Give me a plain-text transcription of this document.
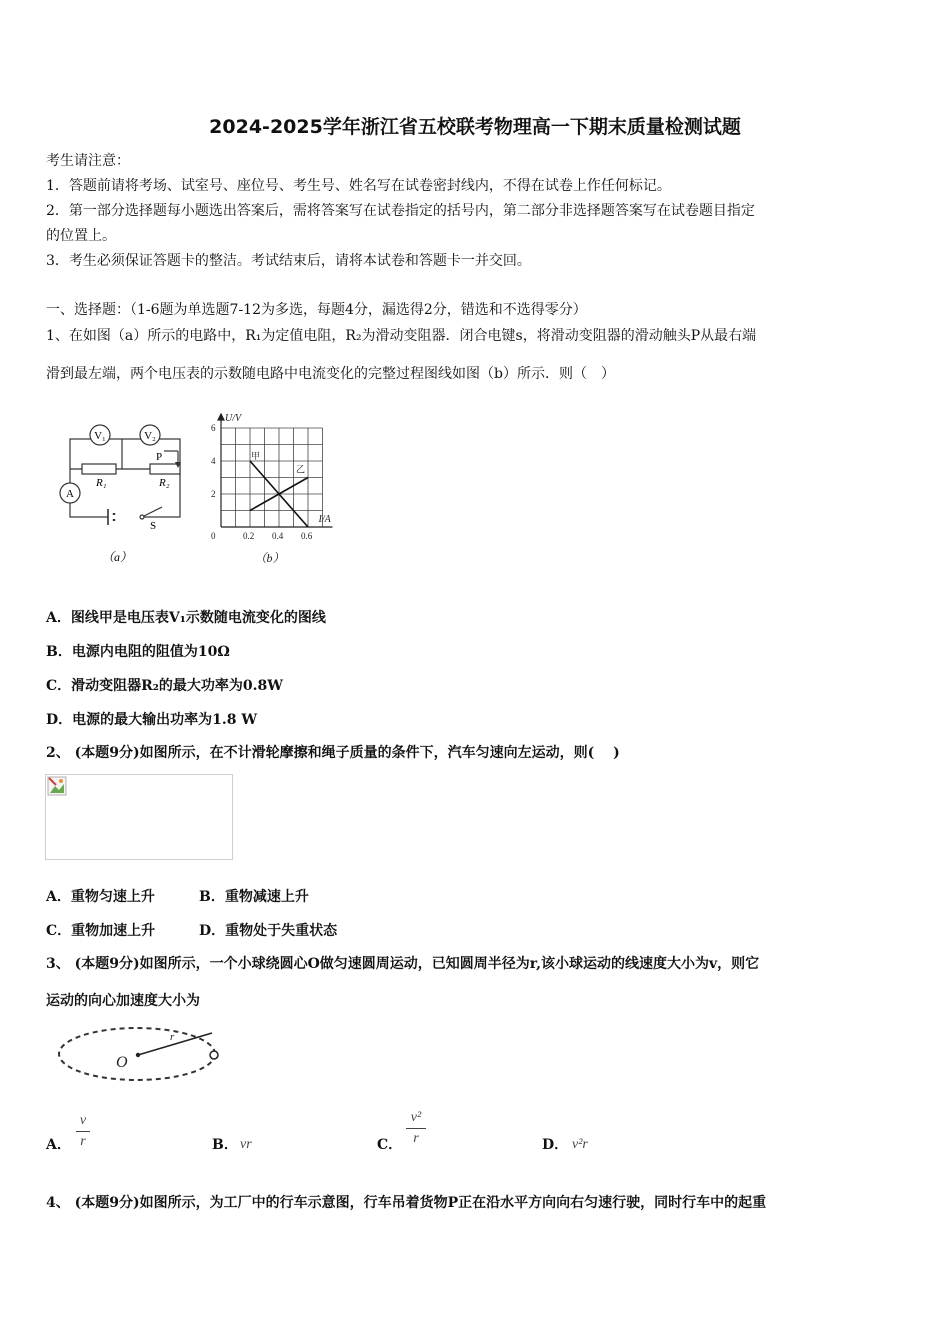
2024-2025学年浙江省五校联考物理高一下期末质量检测试题
考生请注意：
1．答题前请将考场、试室号、座位号、考生号、姓名写在试卷密封线内，不得在试卷上作任何标记。
2．第一部分选择题每小题选出答案后，需将答案写在试卷指定的括号内，第二部分非选择题答案写在试卷题目指定
的位置上。
3．考生必须保证答题卡的整洁。考试结束后，请将本试卷和答题卡一并交回。
一、选择题：（1-6题为单选题7-12为多选，每题4分，漏选得2分，错选和不选得零分）
1、在如图（a）所示的电路中，R₁为定值电阻，R₂为滑动变阻器．闭合电键s，将滑动变阻器的滑动触头P从最右端
滑到最左端，两个电压表的示数随电路中电流变化的完整过程图线如图（b）所示．则（　）
V₁	V₂
A
R₁	R₂
P
S
（a）
0	0.2 0.4 0.6
2
4
6
甲
乙
I/A
U/V
（b）
A．图线甲是电压表V₁示数随电流变化的图线
B．电源内电阻的阻值为10Ω
C．滑动变阻器R₂的最大功率为0.8W
D．电源的最大输出功率为1.8 W
2、 (本题9分)如图所示，在不计滑轮摩擦和绳子质量的条件下，汽车匀速向左运动，则(　 )
A．重物匀速上升	B．重物减速上升
C．重物加速上升	D．重物处于失重状态
3、 (本题9分)如图所示，一个小球绕圆心O做匀速圆周运动，已知圆周半径为r,该小球运动的线速度大小为v，则它
运动的向心加速度大小为
O
r
A．
v
r	B． vr	C．
v²
r	D． v²r
4、 (本题9分)如图所示，为工厂中的行车示意图，行车吊着货物P正在沿水平方向向右匀速行驶，同时行车中的起重
